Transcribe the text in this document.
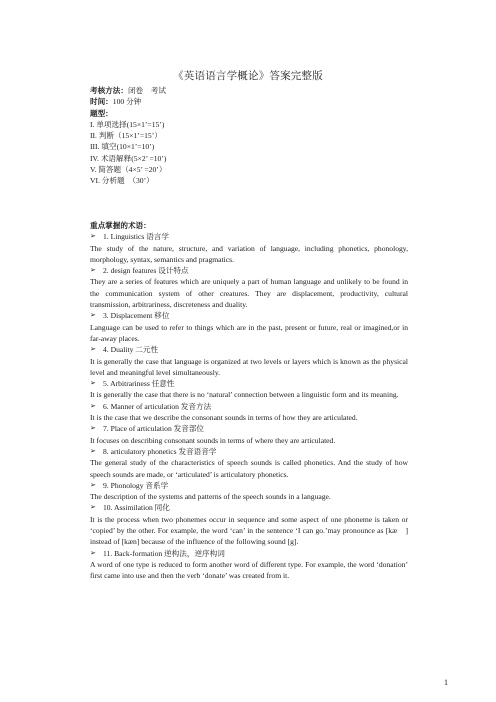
《英语语言学概论》答案完整版
考核方法：闭卷　考试
时间：100 分钟
题型：
I. 单项选择(15×1’=15’)
II. 判断（15×1’=15’）
III. 填空(10×1’=10’)
IV. 术语解释(5×2’ =10’)
V. 简答题（4×5’ =20’）
VI. 分析题　（30’）
重点掌握的术语：
➢ 1. Linguistics 语言学
The study of the nature, structure, and variation of language, including phonetics, phonology, morphology, syntax, semantics and pragmatics.
➢ 2. design features 设计特点
They are a series of features which are uniquely a part of human language and unlikely to be found in the communication system of other creatures. They are displacement, productivity, cultural transmission, arbitrariness, discreteness and duality.
➢ 3. Displacement 移位
Language can be used to refer to things which are in the past, present or future, real or imagined,or in far-away places.
➢ 4. Duality 二元性
It is generally the case that language is organized at two levels or layers which is known as the physical level and meaningful level simultaneously.
➢ 5. Arbitrariness 任意性
It is generally the case that there is no ‘natural’ connection between a linguistic form and its meaning.
➢ 6. Manner of articulation 发音方法
It is the case that we describe the consonant sounds in terms of how they are articulated.
➢ 7. Place of articulation 发音部位
It focuses on describing consonant sounds in terms of where they are articulated.
➢ 8. articulatory phonetics 发音语音学
The general study of the characteristics of speech sounds is called phonetics. And the study of how speech sounds are made, or ‘articulated’ is articulatory phonetics.
➢ 9. Phonology 音系学
The description of the systems and patterns of the speech sounds in a language.
➢ 10. Assimilation 同化
It is the process when two phonemes occur in sequence and some aspect of one phoneme is taken or ‘copied’ by the other. For example, the word ‘can’ in the sentence ‘I can go.’may pronounce as [kæ　] instead of [kæn] because of the influence of the following sound [g].
➢ 11. Back-formation 逆构法，逆序构词
A word of one type is reduced to form another word of different type. For example, the word ‘donation’ first came into use and then the verb ‘donate’ was created from it.
1
